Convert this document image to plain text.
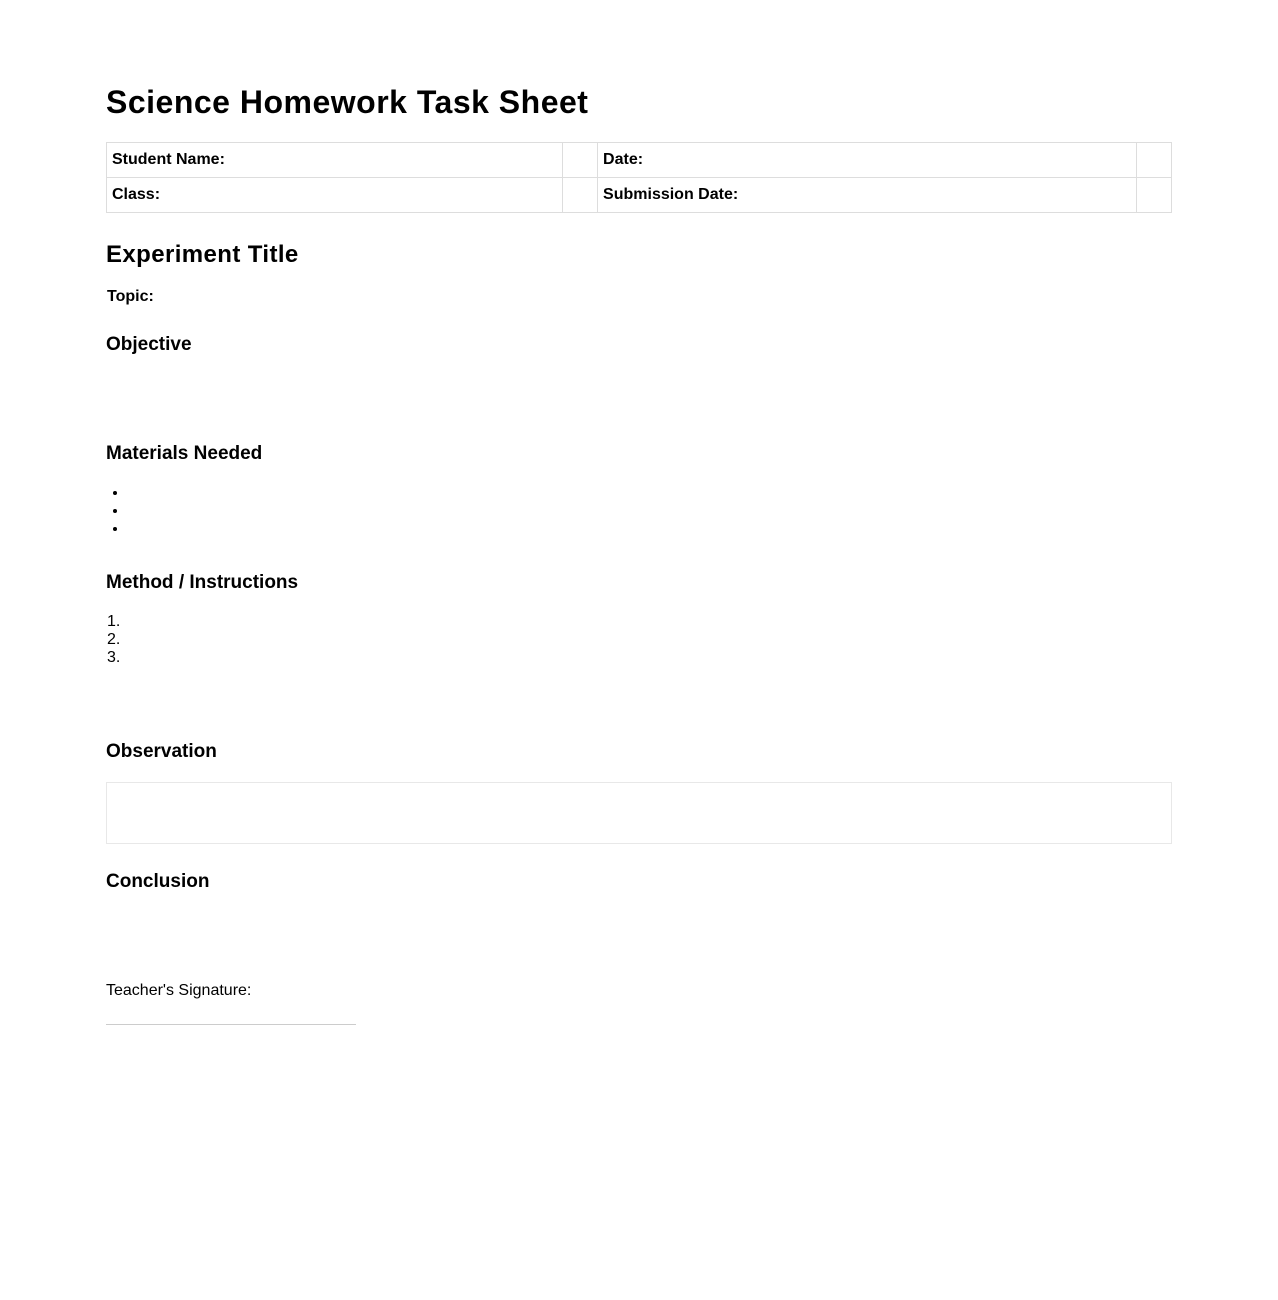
Science Homework Task Sheet
Student Name:		Date:	
Class:		Submission Date:	
Experiment Title
Topic:
Objective
Materials Needed
Method / Instructions
1.
2.
3.
Observation
Conclusion
Teacher's Signature:
